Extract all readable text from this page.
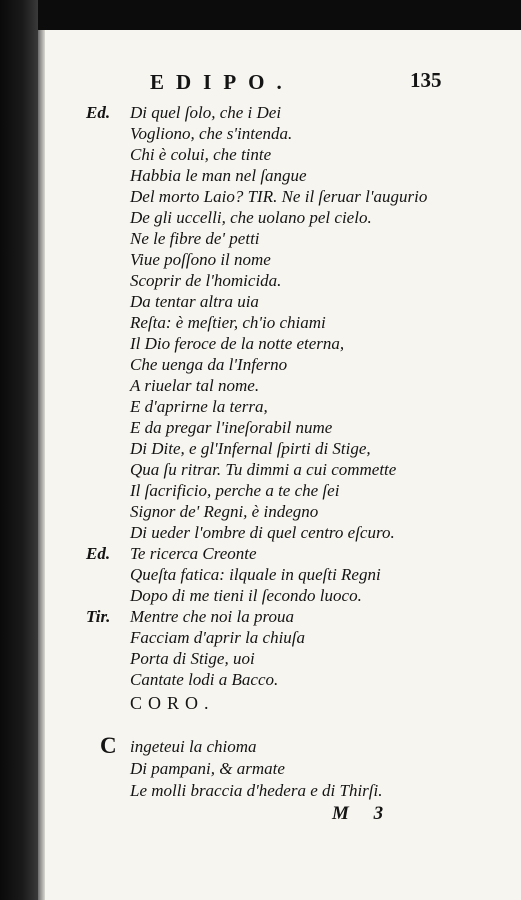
EDIPO.	135
Ed. Di quel ſolo, che i Dei
Vogliono, che s'intenda.
Chi è colui, che tinte
Habbia le man nel ſangue
Del morto Laio? TIR. Ne il ſeruar l'augurio
De gli uccelli, che uolano pel cielo.
Ne le fibre de' petti
Viue poſſono il nome
Scoprir de l'homicida.
Da tentar altra uia
Reſta: è meſtier, ch'io chiami
Il Dio feroce de la notte eterna,
Che uenga da l'Inferno
A riuelar tal nome.
E d'aprirne la terra,
E da pregar l'ineſorabil nume
Di Dite, e gl'Infernal ſpirti di Stige,
Qua ſu ritrar. Tu dimmi a cui commette
Il ſacrificio, perche a te che ſei
Signor de' Regni, è indegno
Di ueder l'ombre di quel centro eſcuro.
Ed. Te ricerca Creonte
Queſta fatica: ilquale in queſti Regni
Dopo di me tieni il ſecondo luoco.
Tir. Mentre che noi la proua
Facciam d'aprir la chiuſa
Porta di Stige, uoi
Cantate lodi a Bacco.
CORO.
C ingeteui la chioma
Di pampani, & armate
Le molli braccia d'hedera e di Thirſi.
M 3
